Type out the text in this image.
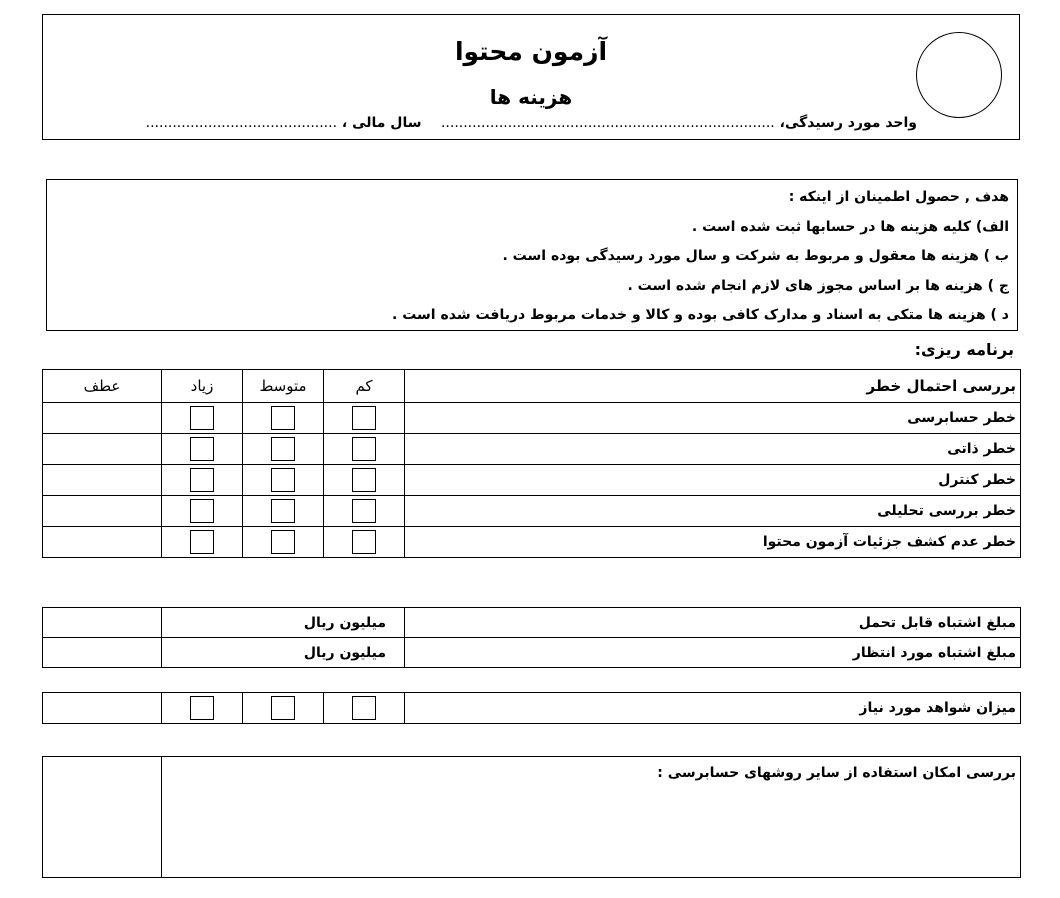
آزمون محتوا
هزینه ها
واحد مورد رسیدگی، ...........................................................................    سال مالی ، ...........................................
هدف , حصول اطمینان از اینکه :
الف) کلیه هزینه ها در حسابها ثبت شده است .
ب ) هزینه ها معقول و مربوط به شرکت و سال مورد رسیدگی بوده است .
ج ) هزینه ها بر اساس مجوز های لازم انجام شده است .
د ) هزینه ها متکی به اسناد و مدارک کافی بوده و کالا و خدمات مربوط دریافت شده است .
برنامه ریزی:
عطف	زیاد	متوسط	کم	بررسی احتمال خطر
				خطر حسابرسی
				خطر ذاتی
				خطر کنترل
				خطر بررسی تحلیلی
				خطر عدم کشف جزئیات آزمون محتوا
	میلیون ریال	مبلغ اشتباه قابل تحمل
	میلیون ریال	مبلغ اشتباه مورد انتظار
				میزان شواهد مورد نیاز
	بررسی امکان استفاده از سایر روشهای حسابرسی :
